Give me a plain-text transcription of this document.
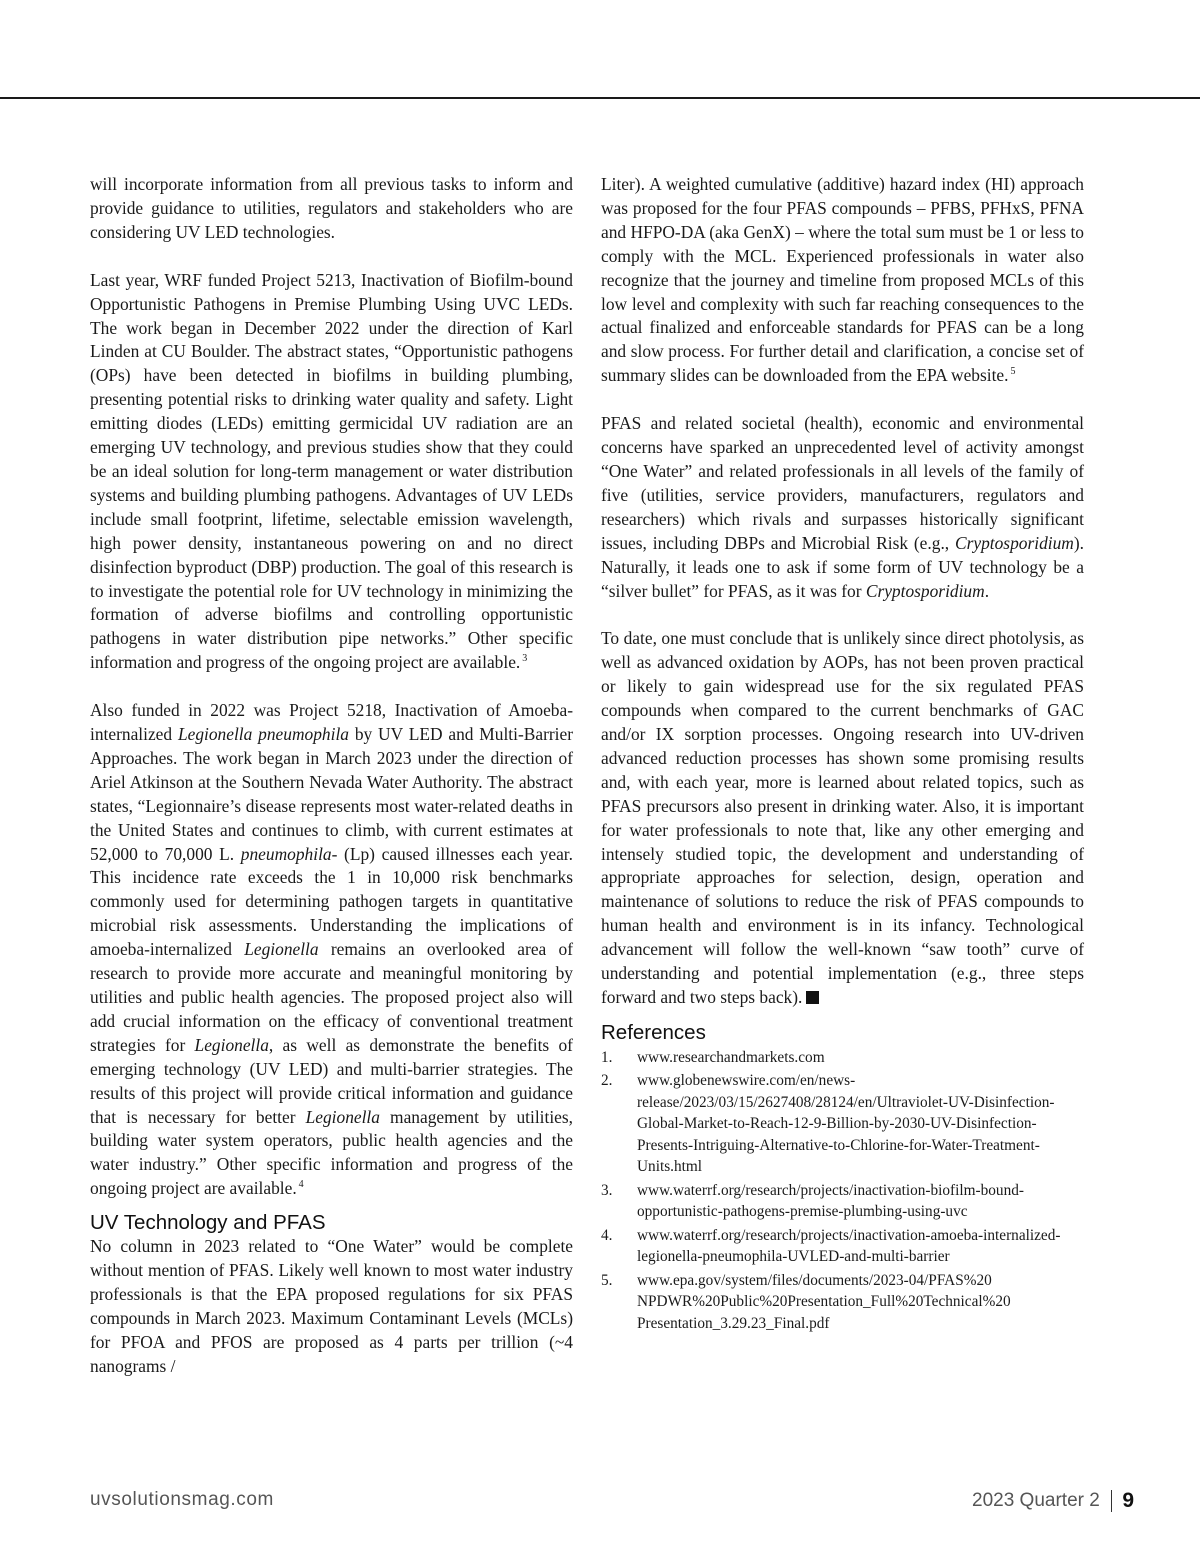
will incorporate information from all previous tasks to inform and provide guidance to utilities, regulators and stakeholders who are considering UV LED technologies.

Last year, WRF funded Project 5213, Inactivation of Biofilm-bound Opportunistic Pathogens in Premise Plumbing Using UVC LEDs. The work began in December 2022 under the direction of Karl Linden at CU Boulder. The abstract states, “Opportunistic pathogens (OPs) have been detected in biofilms in building plumbing, presenting potential risks to drinking water quality and safety. Light emitting diodes (LEDs) emitting germicidal UV radiation are an emerging UV technology, and previous studies show that they could be an ideal solution for long-term management or water distribution systems and building plumbing pathogens. Advantages of UV LEDs include small footprint, lifetime, selectable emission wavelength, high power density, instantaneous powering on and no direct disinfection byproduct (DBP) production. The goal of this research is to investigate the potential role for UV technology in minimizing the formation of adverse biofilms and controlling opportunistic pathogens in water distribution pipe networks.” Other specific information and progress of the ongoing project are available. $^3$

Also funded in 2022 was Project 5218, Inactivation of Amoeba-internalized Legionella pneumophila by UV LED and Multi-Barrier Approaches. The work began in March 2023 under the direction of Ariel Atkinson at the Southern Nevada Water Authority. The abstract states, “Legionnaire’s disease represents most water-related deaths in the United States and continues to climb, with current estimates at 52,000 to 70,000 L. pneumophila- (Lp) caused illnesses each year. This incidence rate exceeds the 1 in 10,000 risk benchmarks commonly used for determining pathogen targets in quantitative microbial risk assessments. Understanding the implications of amoeba-internalized Legionella remains an overlooked area of research to provide more accurate and meaningful monitoring by utilities and public health agencies. The proposed project also will add crucial information on the efficacy of conventional treatment strategies for Legionella, as well as demonstrate the benefits of emerging technology (UV LED) and multi-barrier strategies. The results of this project will provide critical information and guidance that is necessary for better Legionella management by utilities, building water system operators, public health agencies and the water industry.” Other specific information and progress of the ongoing project are available. $^4$

UV Technology and PFAS

No column in 2023 related to “One Water” would be complete without mention of PFAS. Likely well known to most water industry professionals is that the EPA proposed regulations for six PFAS compounds in March 2023. Maximum Contaminant Levels (MCLs) for PFOA and PFOS are proposed as 4 parts per trillion (~4 nanograms /

Liter). A weighted cumulative (additive) hazard index (HI) approach was proposed for the four PFAS compounds – PFBS, PFHxS, PFNA and HFPO-DA (aka GenX) – where the total sum must be 1 or less to comply with the MCL. Experienced professionals in water also recognize that the journey and timeline from proposed MCLs of this low level and complexity with such far reaching consequences to the actual finalized and enforceable standards for PFAS can be a long and slow process. For further detail and clarification, a concise set of summary slides can be downloaded from the EPA website. $^5$

PFAS and related societal (health), economic and environmental concerns have sparked an unprecedented level of activity amongst “One Water” and related professionals in all levels of the family of five (utilities, service providers, manufacturers, regulators and researchers) which rivals and surpasses historically significant issues, including DBPs and Microbial Risk (e.g., Cryptosporidium). Naturally, it leads one to ask if some form of UV technology be a “silver bullet” for PFAS, as it was for Cryptosporidium.

To date, one must conclude that is unlikely since direct photolysis, as well as advanced oxidation by AOPs, has not been proven practical or likely to gain widespread use for the six regulated PFAS compounds when compared to the current benchmarks of GAC and/or IX sorption processes. Ongoing research into UV-driven advanced reduction processes has shown some promising results and, with each year, more is learned about related topics, such as PFAS precursors also present in drinking water. Also, it is important for water professionals to note that, like any other emerging and intensely studied topic, the development and understanding of appropriate approaches for selection, design, operation and maintenance of solutions to reduce the risk of PFAS compounds to human health and environment is in its infancy. Technological advancement will follow the well-known “saw tooth” curve of understanding and potential implementation (e.g., three steps forward and two steps back).

References
1. www.researchandmarkets.com
2. www.globenewswire.com/en/news-release/2023/03/15/2627408/28124/en/Ultraviolet-UV-Disinfection-Global-Market-to-Reach-12-9-Billion-by-2030-UV-Disinfection-Presents-Intriguing-Alternative-to-Chlorine-for-Water-Treatment-Units.html
3. www.waterrf.org/research/projects/inactivation-biofilm-bound-opportunistic-pathogens-premise-plumbing-using-uvc
4. www.waterrf.org/research/projects/inactivation-amoeba-internalized-legionella-pneumophila-UVLED-and-multi-barrier
5. www.epa.gov/system/files/documents/2023-04/PFAS%20 NPDWR%20Public%20Presentation_Full%20Technical%20 Presentation_3.29.23_Final.pdf
uvsolutionsmag.com	2023 Quarter 2 9
